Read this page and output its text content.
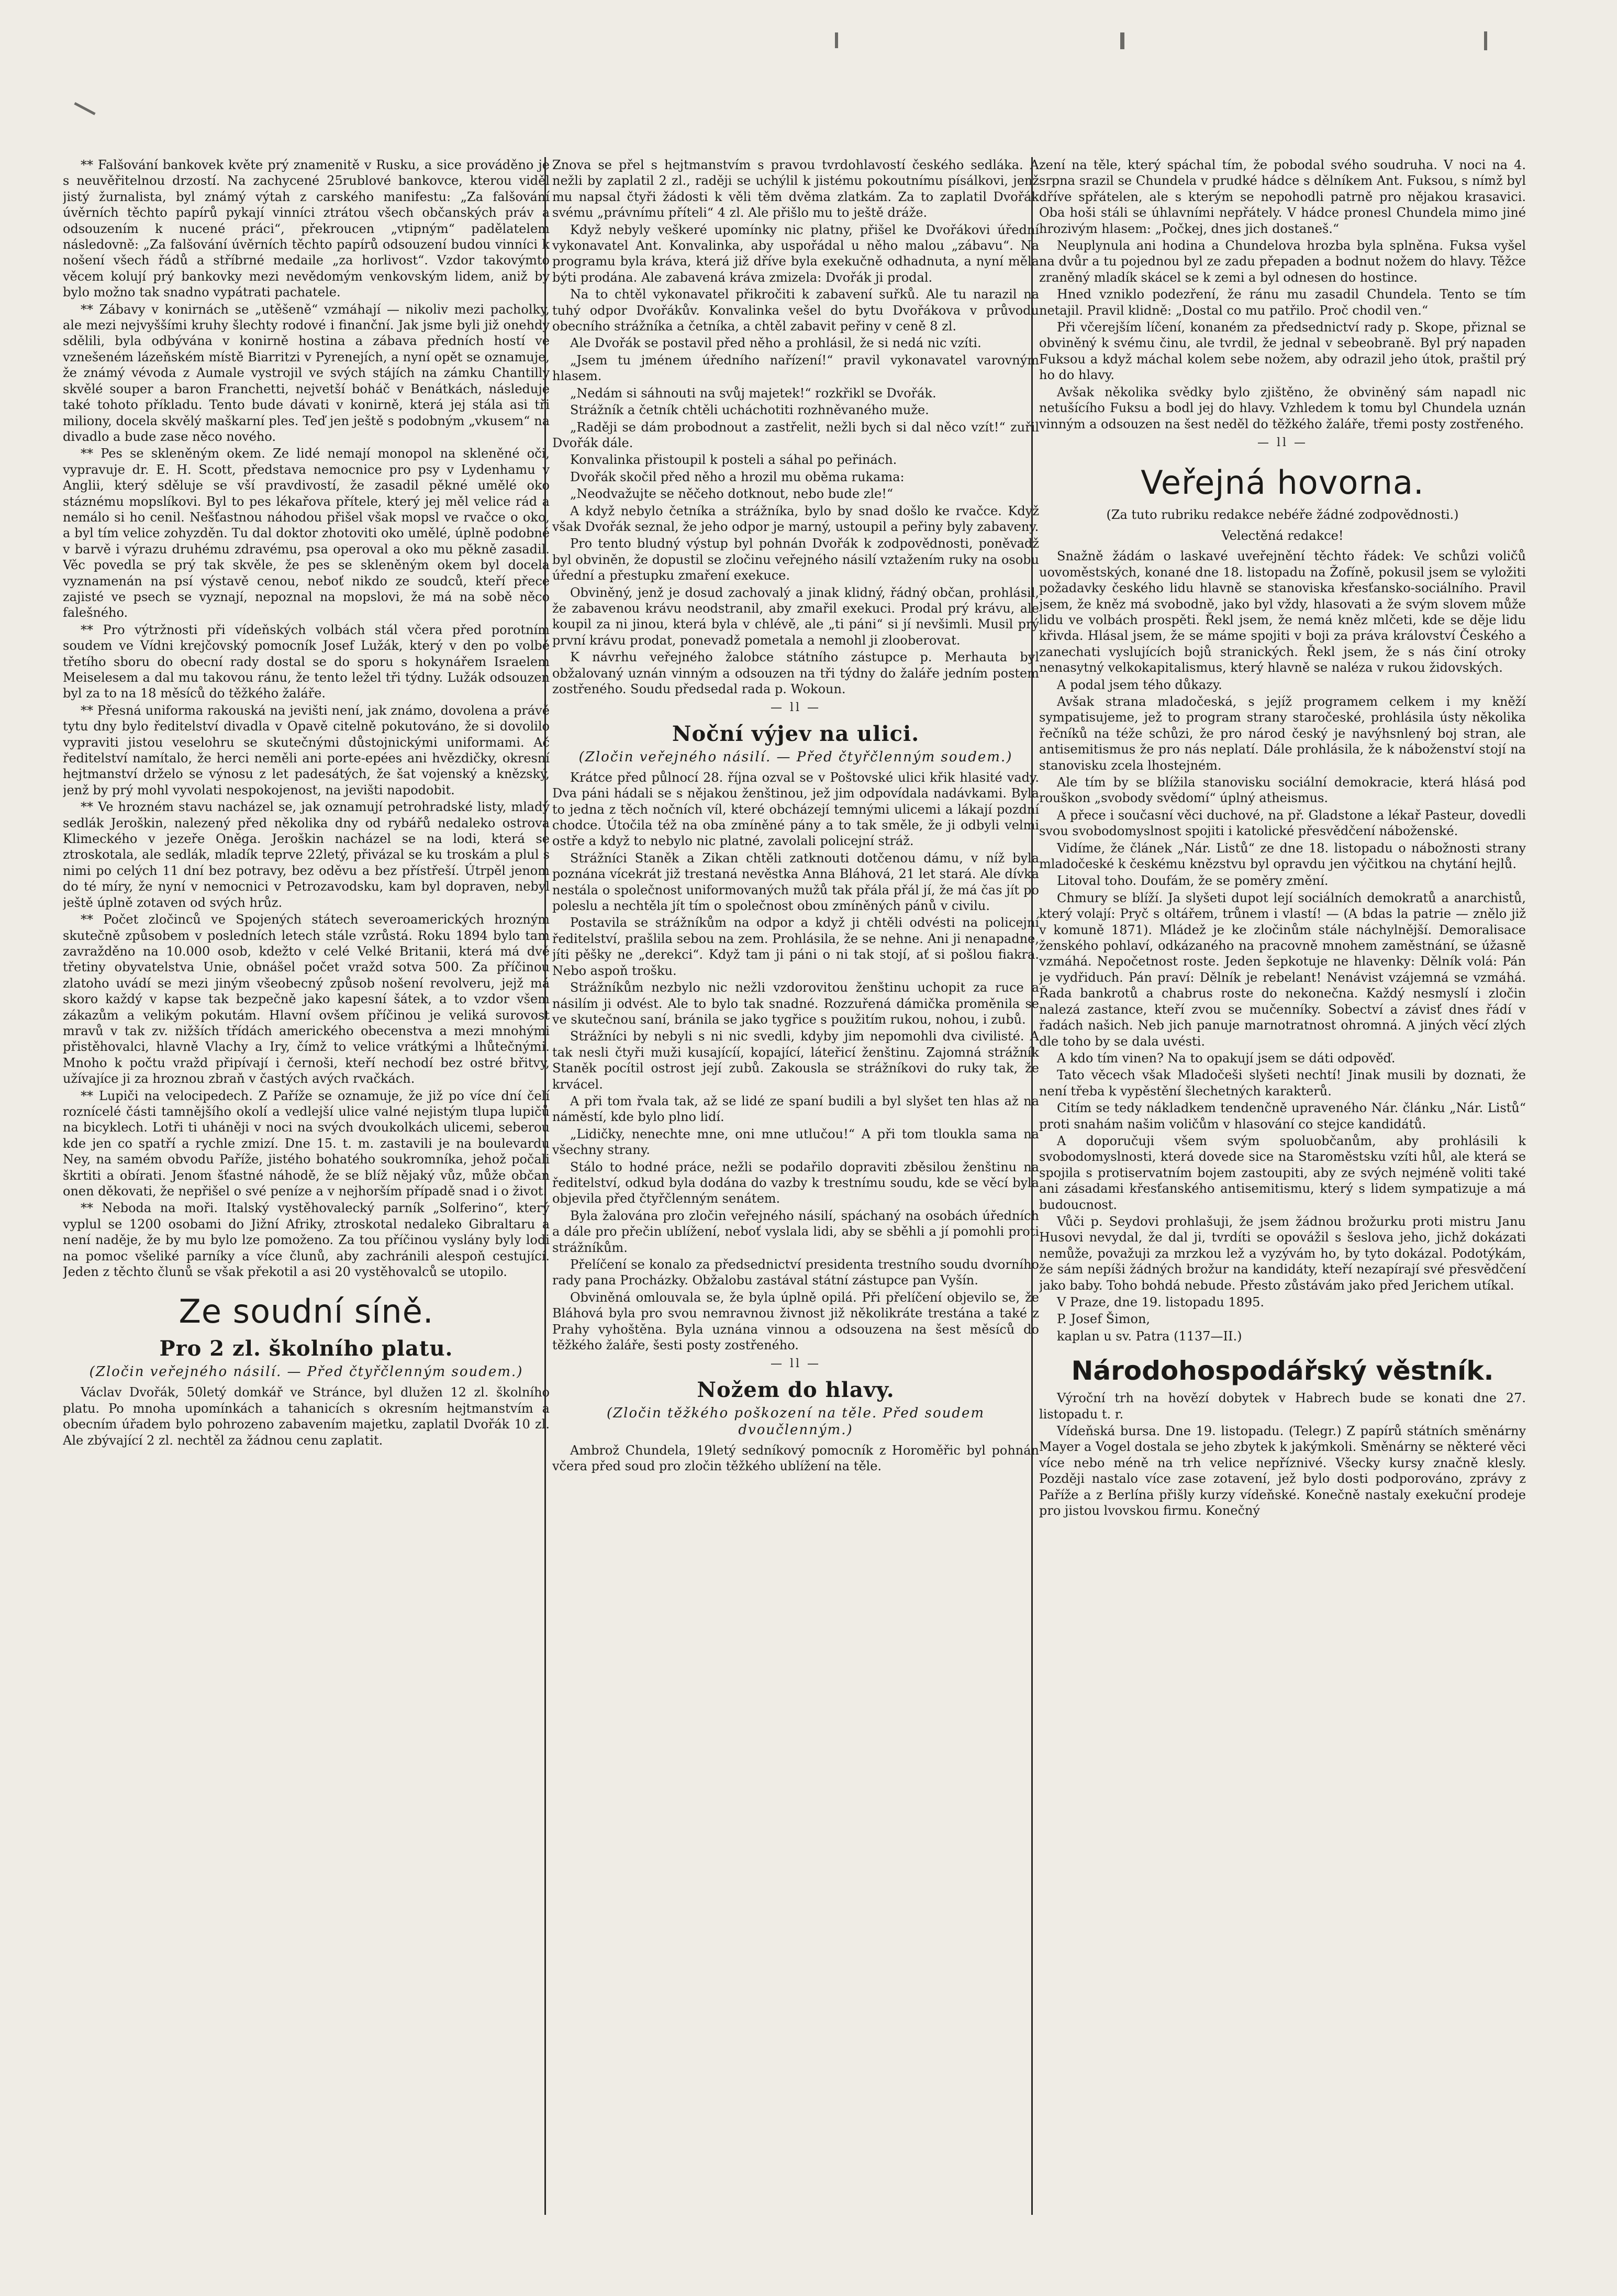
** Falšování bankovek květe prý znamenitě v Rusku, a sice prováděno je s neuvěřitelnou drzostí. Na zachycené 25rublové bankovce, kterou viděl jistý žurnalista, byl známý výtah z carského manifestu: „Za falšování úvěrních těchto papírů pykají vinníci ztrátou všech občanských práv a odsouzením k nucené práci“, překroucen „vtipným“ padělatelem následovně: „Za falšování úvěrních těchto papírů odsouzení budou vinníci k nošení všech řádů a stříbrné medaile „za horlivost“. Vzdor takovýmto věcem kolují prý bankovky mezi nevědomým venkovským lidem, aniž by bylo možno tak snadno vypátrati pachatele.

** Zábavy v konirnách se „utěšeně“ vzmáhají — nikoliv mezi pacholky, ale mezi nejvyššími kruhy šlechty rodové i finanční. Jak jsme byli již onehdy sdělili, byla odbývána v konirně hostina a zábava předních hostí ve vznešeném lázeňském místě Biarritzi v Pyrenejích, a nyní opět se oznamuje, že známý vévoda z Aumale vystrojil ve svých stájích na zámku Chantilly skvělé souper a baron Franchetti, nejvetší boháč v Benátkách, následuje také tohoto příkladu. Tento bude dávati v konirně, která jej stála asi tři miliony, docela skvělý maškarní ples. Teď jen ještě s podobným „vkusem“ na divadlo a bude zase něco nového.

** Pes se skleněným okem. Ze lidé nemají monopol na skleněné oči, vypravuje dr. E. H. Scott, představa nemocnice pro psy v Lydenhamu v Anglii, který sděluje se vší pravdivostí, že zasadil pěkné umělé oko stáznému mopslíkovi. Byl to pes lékařova přítele, který jej měl velice rád a nemálo si ho cenil. Nešťastnou náhodou přišel však mopsl ve rvačce o oko, a byl tím velice zohyzděn. Tu dal doktor zhotoviti oko umělé, úplně podobné v barvě i výrazu druhému zdravému, psa operoval a oko mu pěkně zasadil. Věc povedla se prý tak skvěle, že pes se skleněným okem byl docela vyznamenán na psí výstavě cenou, neboť nikdo ze soudců, kteří přece zajisté ve psech se vyznají, nepoznal na mopslovi, že má na sobě něco falešného.

** Pro výtržnosti při vídeňských volbách stál včera před porotním soudem ve Vídni krejčovský pomocník Josef Lužák, který v den po volbě třetího sboru do obecní rady dostal se do sporu s hokynářem Israelem Meiselesem a dal mu takovou ránu, že tento ležel tři týdny. Lužák odsouzen byl za to na 18 měsíců do těžkého žaláře.

** Přesná uniforma rakouská na jevišti není, jak známo, dovolena a právě tytu dny bylo ředitelství divadla v Opavě citelně pokutováno, že si dovolilo vypraviti jistou veselohru se skutečnými důstojnickými uniformami. Ač ředitelství namítalo, že herci neměli ani porte-epées ani hvězdičky, okresní hejtmanství drželo se výnosu z let padesátých, že šat vojenský a knězský, jenž by prý mohl vyvolati nespokojenost, na jevišti napodobit.

** Ve hrozném stavu nacházel se, jak oznamují petrohradské listy, mladý sedlák Jeroškin, nalezený před několika dny od rybářů nedaleko ostrova Klimeckého v jezeře Oněga. Jeroškin nacházel se na lodi, která se ztroskotala, ale sedlák, mladík teprve 22letý, přivázal se ku troskám a plul s nimi po celých 11 dní bez potravy, bez oděvu a bez přístřeší. Útrpěl jenom do té míry, že nyní v nemocnici v Petrozavodsku, kam byl dopraven, nebyl ještě úplně zotaven od svých hrůz.

** Počet zločinců ve Spojených státech severoamerických hrozným skutečně způsobem v posledních letech stále vzrůstá. Roku 1894 bylo tam zavražděno na 10.000 osob, kdežto v celé Velké Britanii, která má dvě třetiny obyvatelstva Unie, obnášel počet vražd sotva 500. Za příčinou zlatoho uvádí se mezi jiným všeobecný způsob nošení revolveru, jejž má skoro každý v kapse tak bezpečně jako kapesní šátek, a to vzdor všem zákazům a velikým pokutám. Hlavní ovšem příčinou je veliká surovost mravů v tak zv. nižších třídách amerického obecenstva a mezi mnohými přistěhovalci, hlavně Vlachy a Iry, čímž to velice vrátkými a lhůtečnými. Mnoho k počtu vražd připívají i černoši, kteří nechodí bez ostré břitvy, užívajíce ji za hroznou zbraň v častých avých rvačkách.

** Lupiči na velocipedech. Z Paříže se oznamuje, že již po více dní čelí roznícelé části tamnějšího okolí a vedlejší ulice valné nejistým tlupa lupičů na bicyklech. Lotři ti uháněji v noci na svých dvoukolkách ulicemi, seberou kde jen co spatří a rychle zmizí. Dne 15. t. m. zastavili je na boulevardu Ney, na samém obvodu Paříže, jistého bohatého soukromníka, jehož počali škrtiti a obírati. Jenom šťastné náhodě, že se blíž nějaký vůz, může občan onen děkovati, že nepřišel o své peníze a v nejhorším případě snad i o život.

** Neboda na moři. Italský vystěhovalecký parník „Solferino“, který vyplul se 1200 osobami do Jižní Afriky, ztroskotal nedaleko Gibraltaru a není naděje, že by mu bylo lze pomoženo. Za tou příčinou vyslány byly lodi na pomoc všeliké parníky a více člunů, aby zachránili alespoň cestující. Jeden z těchto člunů se však překotil a asi 20 vystěhovalců se utopilo.

Ze soudní síně.
Pro 2 zl. školního platu.
(Zločin veřejného násilí. — Před čtyřčlenným soudem.)

Václav Dvořák, 50letý domkář ve Stránce, byl dlužen 12 zl. školního platu. Po mnoha upomínkách a tahanicích s okresním hejtmanstvím a obecním úřadem bylo pohrozeno zabavením majetku, zaplatil Dvořák 10 zl. Ale zbývající 2 zl. nechtěl za žádnou cenu zaplatit.

Znova se přel s hejtmanstvím s pravou tvrdohlavostí českého sedláka. A nežli by zaplatil 2 zl., raději se uchýlil k jistému pokoutnímu písálkovi, jenž mu napsal čtyři žádosti k věli těm dvěma zlatkám. Za to zaplatil Dvořák svému „právnímu příteli“ 4 zl. Ale přišlo mu to ještě dráže.

Když nebyly veškeré upomínky nic platny, přišel ke Dvořákovi úřední vykonavatel Ant. Konvalinka, aby uspořádal u něho malou „zábavu“. Na programu byla kráva, která již dříve byla exekučně odhadnuta, a nyní měla býti prodána. Ale zabavená kráva zmizela: Dvořák ji prodal.

Na to chtěl vykonavatel přikročiti k zabavení suřků. Ale tu narazil na tuhý odpor Dvořákův. Konvalinka vešel do bytu Dvořákova v průvodu obecního strážníka a četníka, a chtěl zabavit peřiny v ceně 8 zl.

Ale Dvořák se postavil před něho a prohlásil, že si nedá nic vzíti.

„Jsem tu jménem úředního nařízení!“ pravil vykonavatel varovným hlasem.

„Nedám si sáhnouti na svůj majetek!“ rozkřikl se Dvořák.

Strážník a četník chtěli ucháchotiti rozhněvaného muže.

„Raději se dám probodnout a zastřelit, nežli bych si dal něco vzít!“ zuřil Dvořák dále.

Konvalinka přistoupil k posteli a sáhal po peřinách.

Dvořák skočil před něho a hrozil mu oběma rukama:

„Neodvažujte se něčeho dotknout, nebo bude zle!“

A když nebylo četníka a strážníka, bylo by snad došlo ke rvačce. Když však Dvořák seznal, že jeho odpor je marný, ustoupil a peřiny byly zabaveny.

Pro tento bludný výstup byl pohnán Dvořák k zodpovědnosti, poněvadž byl obviněn, že dopustil se zločinu veřejného násilí vztažením ruky na osobu úřední a přestupku zmaření exekuce.

Obviněný, jenž je dosud zachovalý a jinak klidný, řádný občan, prohlásil, že zabavenou krávu neodstranil, aby zmařil exekuci. Prodal prý krávu, ale koupil za ni jinou, která byla v chlévě, ale „ti páni“ si jí nevšimli. Musil prý první krávu prodat, ponevadž pometala a nemohl ji zlooberovat.

K návrhu veřejného žalobce státního zástupce p. Merhauta byl obžalovaný uznán vinným a odsouzen na tři týdny do žaláře jedním postem zostřeného. Soudu předsedal rada p. Wokoun.

— ll —
Noční výjev na ulici.
(Zločin veřejného násilí. — Před čtyřčlenným soudem.)

Krátce před půlnocí 28. října ozval se v Poštovské ulici křik hlasité vady. Dva páni hádali se s nějakou ženštinou, jež jim odpovídala nadávkami. Byla to jedna z těch nočních víl, které obcházejí temnými ulicemi a lákají pozdní chodce. Útočila též na oba zmíněné pány a to tak směle, že ji odbyli velmi ostře a když to nebylo nic platné, zavolali policejní stráž.

Strážníci Staněk a Zikan chtěli zatknouti dotčenou dámu, v níž byla poznána vícekrát již trestaná nevěstka Anna Bláhová, 21 let stará. Ale dívka nestála o společnost uniformovaných mužů tak přála přál jí, že má čas jít po poleslu a nechtěla jít tím o společnost obou zmíněných pánů v civilu.

Postavila se strážníkům na odpor a když ji chtěli odvésti na policejní ředitelství, prašlila sebou na zem. Prohlásila, že se nehne. Ani ji nenapadne, jíti pěšky ne „derekci“. Když tam ji páni o ni tak stojí, ať si pošlou fiakra. Nebo aspoň trošku.

Strážníkům nezbylo nic nežli vzdorovitou ženštinu uchopit za ruce a násilím ji odvést. Ale to bylo tak snadné. Rozzuřená dámička proměnila se ve skutečnou saní, bránila se jako tygřice s použitím rukou, nohou, i zubů.

Strážníci by nebyli s ni nic svedli, kdyby jim nepomohli dva civilisté. A tak nesli čtyři muži kusajícíí, kopající, láteřicí ženštinu. Zajomná strážník Staněk pocítil ostrost její zubů. Zakousla se strážníkovi do ruky tak, že krvácel.

A při tom řvala tak, až se lidé ze spaní budili a byl slyšet ten hlas až na náměstí, kde bylo plno lidí.

„Lidičky, nenechte mne, oni mne utlučou!“ A při tom tloukla sama na všechny strany.

Stálo to hodné práce, nežli se podařilo dopraviti zběsilou ženštinu na ředitelství, odkud byla dodána do vazby k trestnímu soudu, kde se věcí byla objevila před čtyřčlenným senátem.

Byla žalována pro zločin veřejného násilí, spáchaný na osobách úředních a dále pro přečin ublížení, neboť vyslala lidi, aby se sběhli a jí pomohli proti strážníkům.

Přelíčení se konalo za předsednictví presidenta trestního soudu dvorního rady pana Procházky. Obžalobu zastával státní zástupce pan Vyšín.

Obviněná omlouvala se, že byla úplně opilá. Při přelíčení objevilo se, že Bláhová byla pro svou nemravnou živnost již několikráte trestána a také z Prahy vyhoštěna. Byla uznána vinnou a odsouzena na šest měsíců do těžkého žaláře, šesti posty zostřeného.

— ll —
Nožem do hlavy.
(Zločin těžkého poškození na těle. Před soudem dvoučlenným.)

Ambrož Chundela, 19letý sedníkový pomocník z Horoměřic byl pohnán včera před soud pro zločin těžkého ublížení na těle.

zení na těle, který spáchal tím, že pobodal svého soudruha. V noci na 4. srpna srazil se Chundela v prudké hádce s dělníkem Ant. Fuksou, s nímž byl dříve spřátelen, ale s kterým se nepohodli patrně pro nějakou krasavici. Oba hoši stáli se úhlavními nepřátely. V hádce pronesl Chundela mimo jiné hrozivým hlasem: „Počkej, dnes jich dostaneš.“

Neuplynula ani hodina a Chundelova hrozba byla splněna. Fuksa vyšel na dvůr a tu pojednou byl ze zadu přepaden a bodnut nožem do hlavy. Těžce zraněný mladík skácel se k zemi a byl odnesen do hostince.

Hned vzniklo podezření, že ránu mu zasadil Chundela. Tento se tím netajil. Pravil klidně: „Dostal co mu patřilo. Proč chodil ven.“

Při včerejším líčení, konaném za předsednictví rady p. Skope, přiznal se obviněný k svému činu, ale tvrdil, že jednal v sebeobraně. Byl prý napaden Fuksou a když máchal kolem sebe nožem, aby odrazil jeho útok, praštil prý ho do hlavy.

Avšak několika svědky bylo zjištěno, že obviněný sám napadl nic netušícího Fuksu a bodl jej do hlavy. Vzhledem k tomu byl Chundela uznán vinným a odsouzen na šest neděl do těžkého žaláře, třemi posty zostřeného.

— ll —
Veřejná hovorna.
(Za tuto rubriku redakce nebéře žádné zodpovědnosti.)
Velectěná redakce!

Snažně žádám o laskavé uveřejnění těchto řádek: Ve schůzi voličů uovoměstských, konané dne 18. listopadu na Žofíně, pokusil jsem se vyložiti požadavky českého lidu hlavně se stanoviska křesťansko-sociálního. Pravil jsem, že kněz má svobodně, jako byl vždy, hlasovati a že svým slovem může lidu ve volbách prospěti. Řekl jsem, že nemá kněz mlčeti, kde se děje lidu křivda. Hlásal jsem, že se máme spojiti v boji za práva království Českého a zanechati vyslujících bojů stranických. Řekl jsem, že s nás činí otroky nenasytný velkokapitalismus, který hlavně se naléza v rukou židovských.

A podal jsem tého důkazy.

Avšak strana mladočeská, s jejíž programem celkem i my kněží sympatisujeme, jež to program strany staročeské, prohlásila ústy několika řečníků na téže schůzi, že pro národ český je navýhsnlený boj stran, ale antisemitismus že pro nás neplatí. Dále prohlásila, že k náboženství stojí na stanovisku zcela lhostejném.

Ale tím by se blížila stanovisku sociální demokracie, která hlásá pod rouškon „svobody svědomí“ úplný atheismus.

A přece i současní věci duchové, na př. Gladstone a lékař Pasteur, dovedli svou svobodomyslnost spojiti i katolické přesvědčení náboženské.

Vidíme, že článek „Nár. Listů“ ze dne 18. listopadu o nábožnosti strany mladočeské k českému knězstvu byl opravdu jen výčitkou na chytání hejlů.

Litoval toho. Doufám, že se poměry změní.

Chmury se blíží. Ja slyšeti dupot lejí sociálních demokratů a anarchistů, který volají: Pryč s oltářem, trůnem i vlastí! — (A bdas la patrie — znělo již v komuně 1871). Mládež je ke zločinům stále náchylnější. Demoralisace ženského pohlaví, odkázaného na pracovně mnohem zaměstnání, se úžasně vzmáhá. Nepočetnost roste. Jeden šepkotuje ne hlavenky: Dělník volá: Pán je vydřiduch. Pán praví: Dělník je rebelant! Nenávist vzájemná se vzmáhá. Řada bankrotů a chabrus roste do nekonečna. Každý nesmyslí i zločin nalezá zastance, kteří zvou se mučenníky. Sobectví a závisť dnes řádí v řadách našich. Neb jich panuje marnotratnost ohromná. A jiných věcí zlých dle toho by se dala uvésti.

A kdo tím vinen? Na to opakují jsem se dáti odpověď.

Tato věcech však Mladočeši slyšeti nechtí! Jinak musili by doznati, že není třeba k vypěstění šlechetných karakterů.

Citím se tedy nákladkem tendenčně upraveného Nár. článku „Nár. Listů“ proti snahám našim voličům v hlasování co stejce kandidátů.

A doporučuji všem svým spoluobčanům, aby prohlásili k svobodomyslnosti, která dovede sice na Staroměstsku vzíti hůl, ale která se spojila s protiservatním bojem zastoupiti, aby ze svých nejméně voliti také ani zásadami křesťanského antisemitismu, který s lidem sympatizuje a má budoucnost.

Vůči p. Seydovi prohlašuji, že jsem žádnou brožurku proti mistru Janu Husovi nevydal, že dal ji, tvrdíti se opovážil s šeslova jeho, jichž dokázati nemůže, považuji za mrzkou lež a vyzývám ho, by tyto dokázal. Podotýkám, že sám nepíši žádných brožur na kandidáty, kteří nezapírají své přesvědčení jako baby. Toho bohdá nebude. Přesto zůstávám jako před Jerichem utíkal.

V Praze, dne 19. listopadu 1895.

P. Josef Šimon,

kaplan u sv. Patra (1137—II.)

Národohospodářský věstník.

Výroční trh na hovězí dobytek v Habrech bude se konati dne 27. listopadu t. r.

Vídeňská bursa. Dne 19. listopadu. (Telegr.) Z papírů státních směnárny Mayer a Vogel dostala se jeho zbytek k jakýmkoli. Směnárny se některé věci více nebo méně na trh velice nepříznivé. Všecky kursy značně klesly. Později nastalo více zase zotavení, jež bylo dosti podporováno, zprávy z Paříže a z Berlína přišly kurzy vídeňské. Konečně nastaly exekuční prodeje pro jistou lvovskou firmu. Konečný
